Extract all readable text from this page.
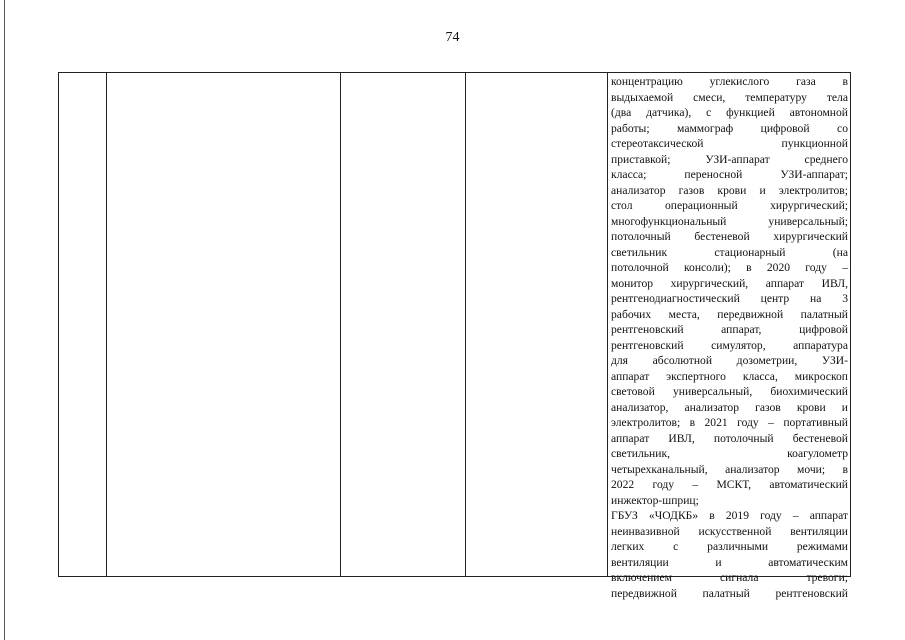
74
концентрацию углекислого газа в
выдыхаемой смеси, температуру тела
(два датчика), с функцией автономной
работы; маммограф цифровой со
стереотаксической пункционной
приставкой; УЗИ-аппарат среднего
класса; переносной УЗИ-аппарат;
анализатор газов крови и электролитов;
стол операционный хирургический;
многофункциональный универсальный;
потолочный бестеневой хирургический
светильник стационарный (на
потолочной консоли); в 2020 году –
монитор хирургический, аппарат ИВЛ,
рентгенодиагностический центр на 3
рабочих места, передвижной палатный
рентгеновский аппарат, цифровой
рентгеновский симулятор, аппаратура
для абсолютной дозометрии, УЗИ-
аппарат экспертного класса, микроскоп
световой универсальный, биохимический
анализатор, анализатор газов крови и
электролитов; в 2021 году – портативный
аппарат ИВЛ, потолочный бестеневой
светильник, коагулометр
четырехканальный, анализатор мочи; в
2022 году – МСКТ, автоматический
инжектор-шприц;
ГБУЗ «ЧОДКБ» в 2019 году – аппарат
неинвазивной искусственной вентиляции
легких с различными режимами
вентиляции и автоматическим
включением сигнала тревоги;
передвижной палатный рентгеновский
